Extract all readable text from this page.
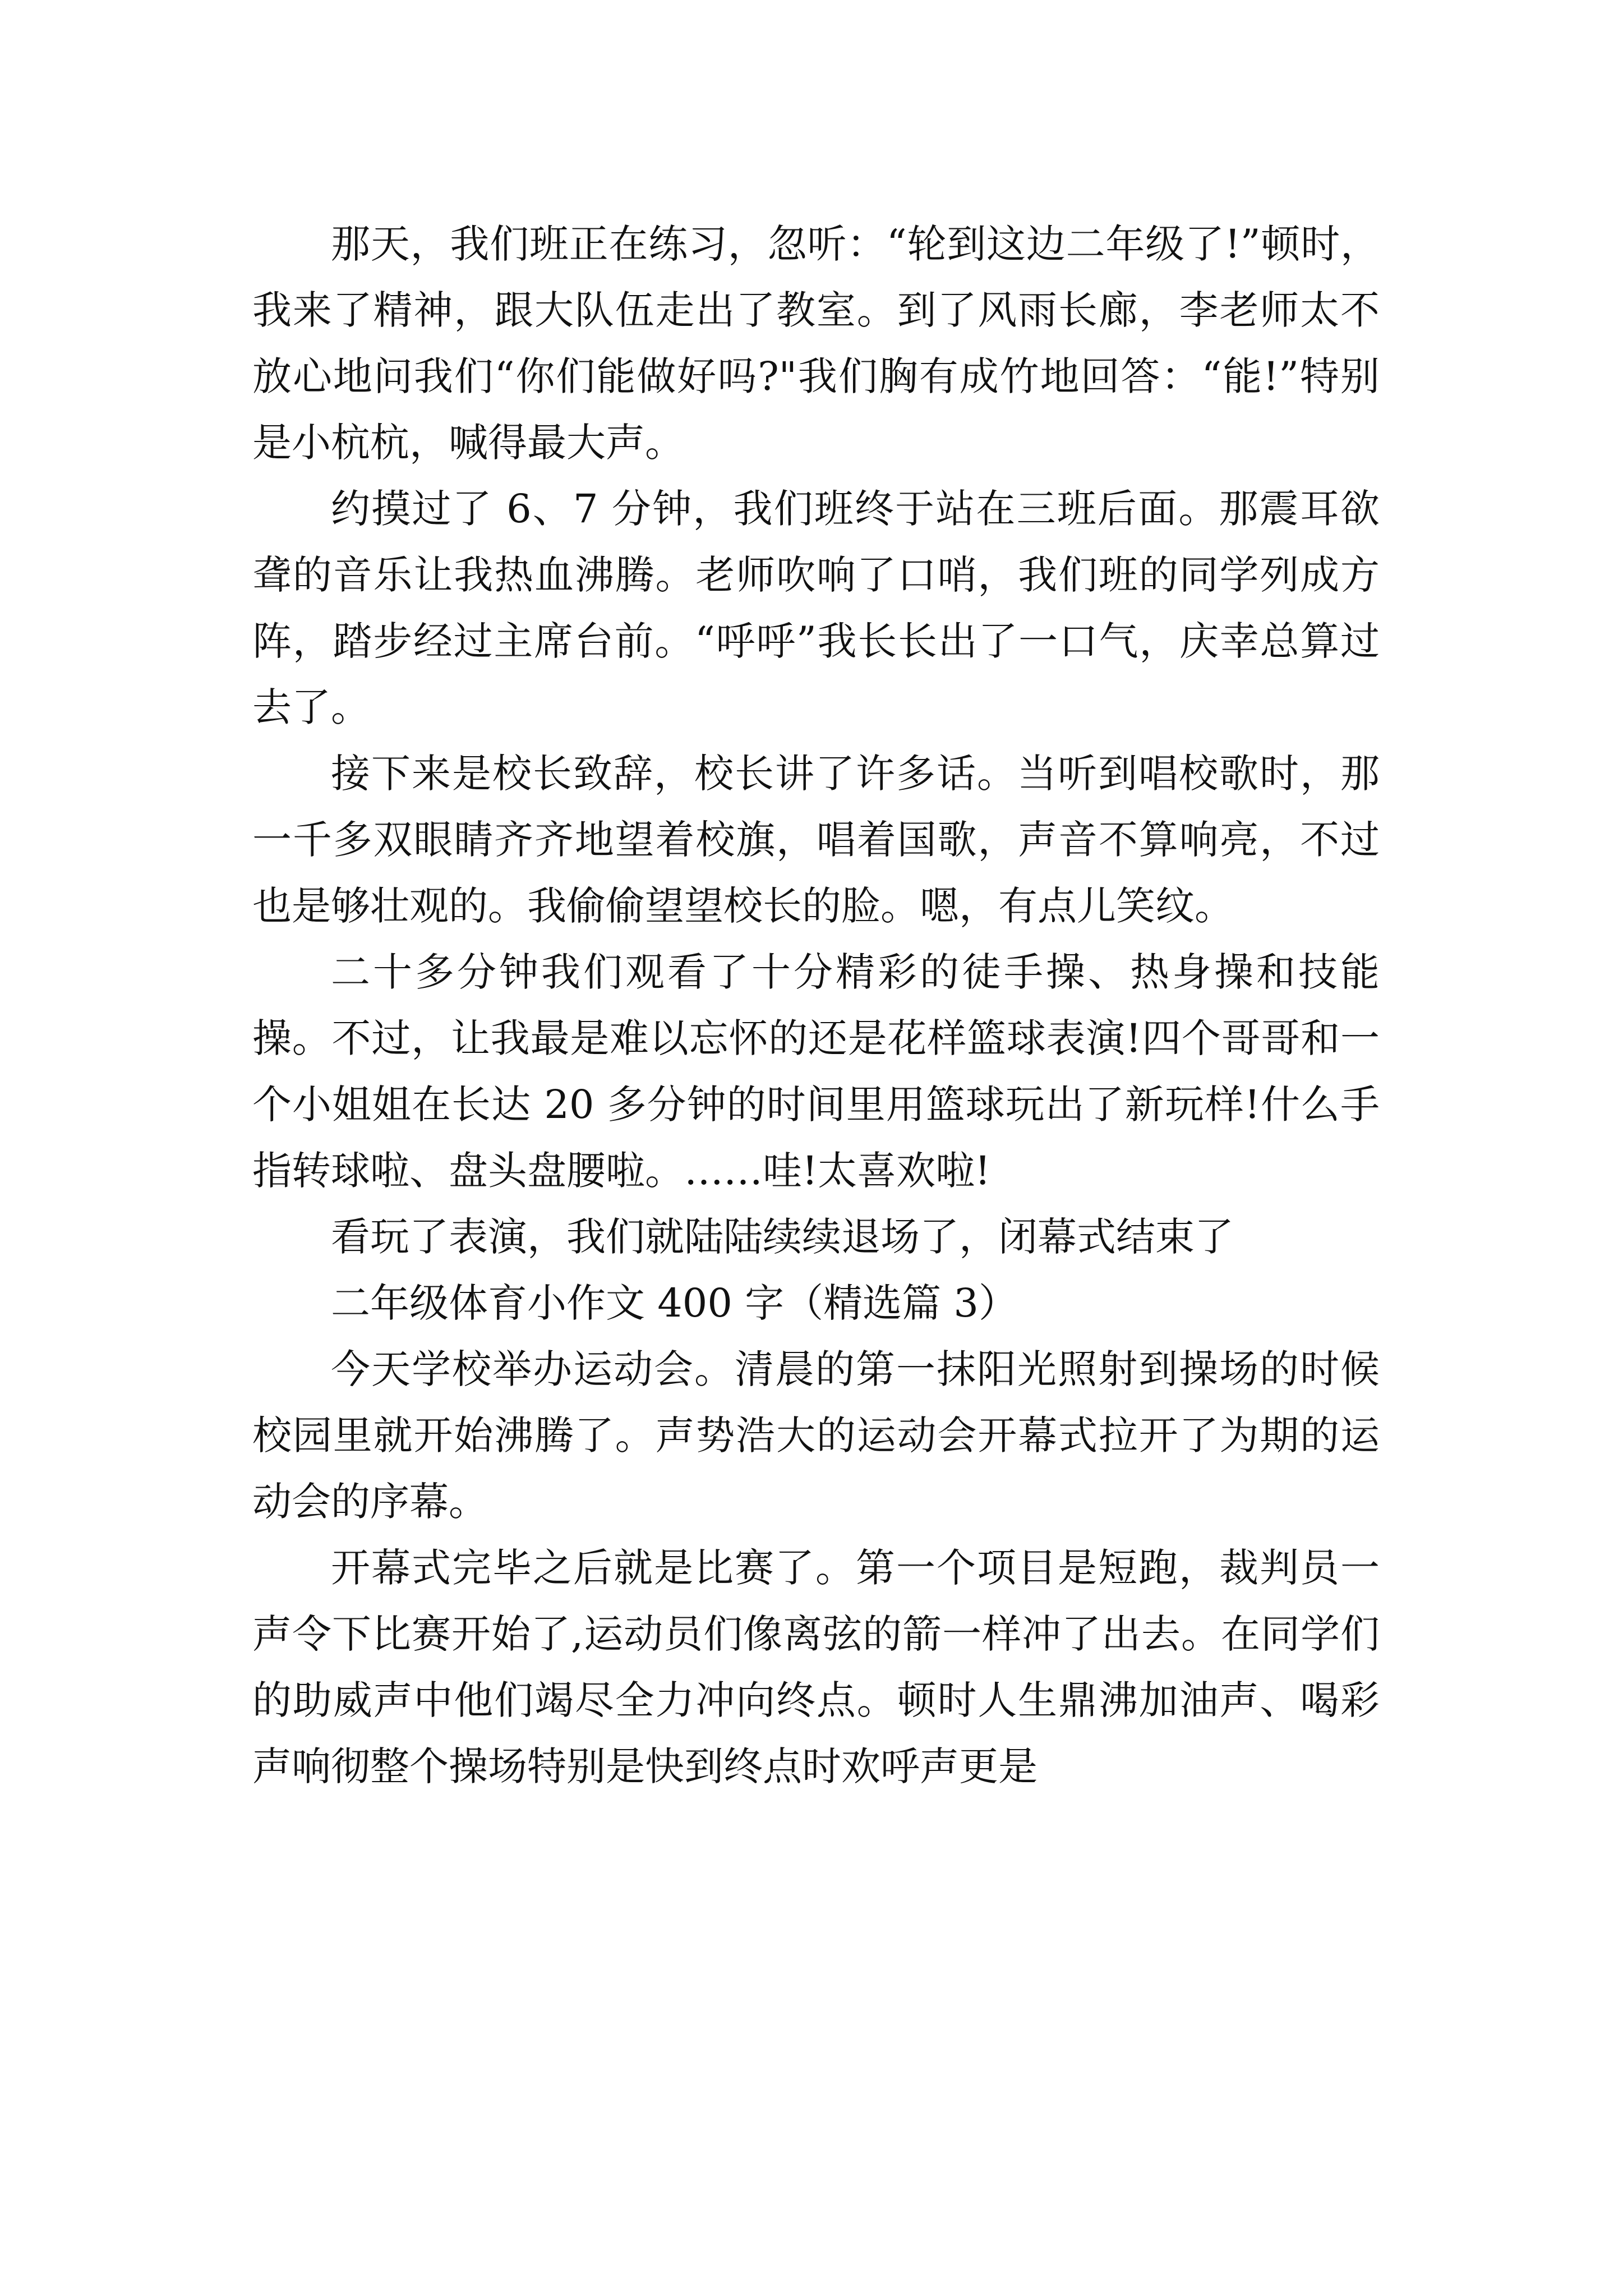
那天，我们班正在练习，忽听：“轮到这边二年级了!”顿时，我来了精神，跟大队伍走出了教室。到了风雨长廊，李老师太不放心地问我们“你们能做好吗?"我们胸有成竹地回答：“能!”特别是小杭杭，喊得最大声。

约摸过了 6、7 分钟，我们班终于站在三班后面。那震耳欲聋的音乐让我热血沸腾。老师吹响了口哨，我们班的同学列成方阵，踏步经过主席台前。“呼呼”我长长出了一口气，庆幸总算过去了。

接下来是校长致辞，校长讲了许多话。当听到唱校歌时，那一千多双眼睛齐齐地望着校旗，唱着国歌，声音不算响亮，不过也是够壮观的。我偷偷望望校长的脸。嗯，有点儿笑纹。

二十多分钟我们观看了十分精彩的徒手操、热身操和技能操。不过，让我最是难以忘怀的还是花样篮球表演!四个哥哥和一个小姐姐在长达 20 多分钟的时间里用篮球玩出了新玩样!什么手指转球啦、盘头盘腰啦。……哇!太喜欢啦!

看玩了表演，我们就陆陆续续退场了，闭幕式结束了

二年级体育小作文 400 字（精选篇 3）

今天学校举办运动会。清晨的第一抹阳光照射到操场的时候校园里就开始沸腾了。声势浩大的运动会开幕式拉开了为期的运动会的序幕。

开幕式完毕之后就是比赛了。第一个项目是短跑，裁判员一声令下比赛开始了,运动员们像离弦的箭一样冲了出去。在同学们的助威声中他们竭尽全力冲向终点。顿时人生鼎沸加油声、喝彩声响彻整个操场特别是快到终点时欢呼声更是
